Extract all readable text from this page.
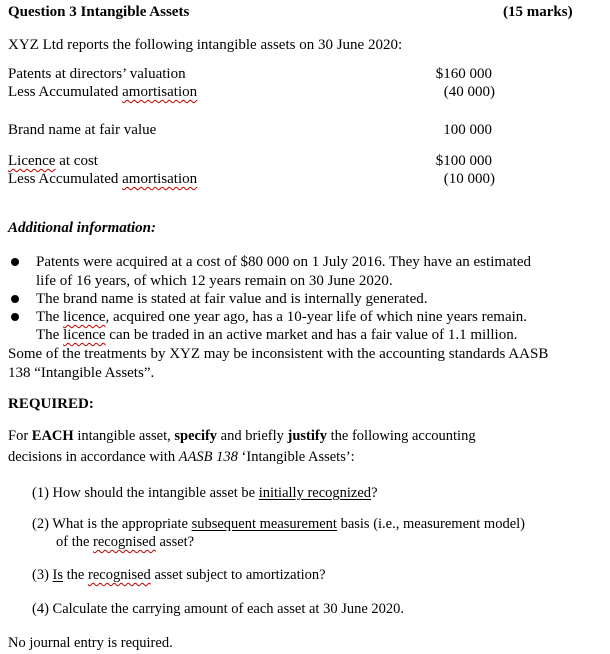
Question 3 Intangible Assets	(15 marks)
XYZ Ltd reports the following intangible assets on 30 June 2020:
Patents at directors’ valuation	$160 000
Less Accumulated amortisation	(40 000)
Brand name at fair value	100 000
Licence at cost	$100 000
Less Accumulated amortisation	(10 000)
Additional information:
Patents were acquired at a cost of $80 000 on 1 July 2016. They have an estimated
life of 16 years, of which 12 years remain on 30 June 2020.
The brand name is stated at fair value and is internally generated.
The licence, acquired one year ago, has a 10-year life of which nine years remain.
The licence can be traded in an active market and has a fair value of 1.1 million.
Some of the treatments by XYZ may be inconsistent with the accounting standards AASB
138 “Intangible Assets”.
REQUIRED:
For EACH intangible asset, specify and briefly justify the following accounting
decisions in accordance with AASB 138 ‘Intangible Assets’:
(1) How should the intangible asset be initially recognized?
(2) What is the appropriate subsequent measurement basis (i.e., measurement model)
of the recognised asset?
(3) Is the recognised asset subject to amortization?
(4) Calculate the carrying amount of each asset at 30 June 2020.
No journal entry is required.
